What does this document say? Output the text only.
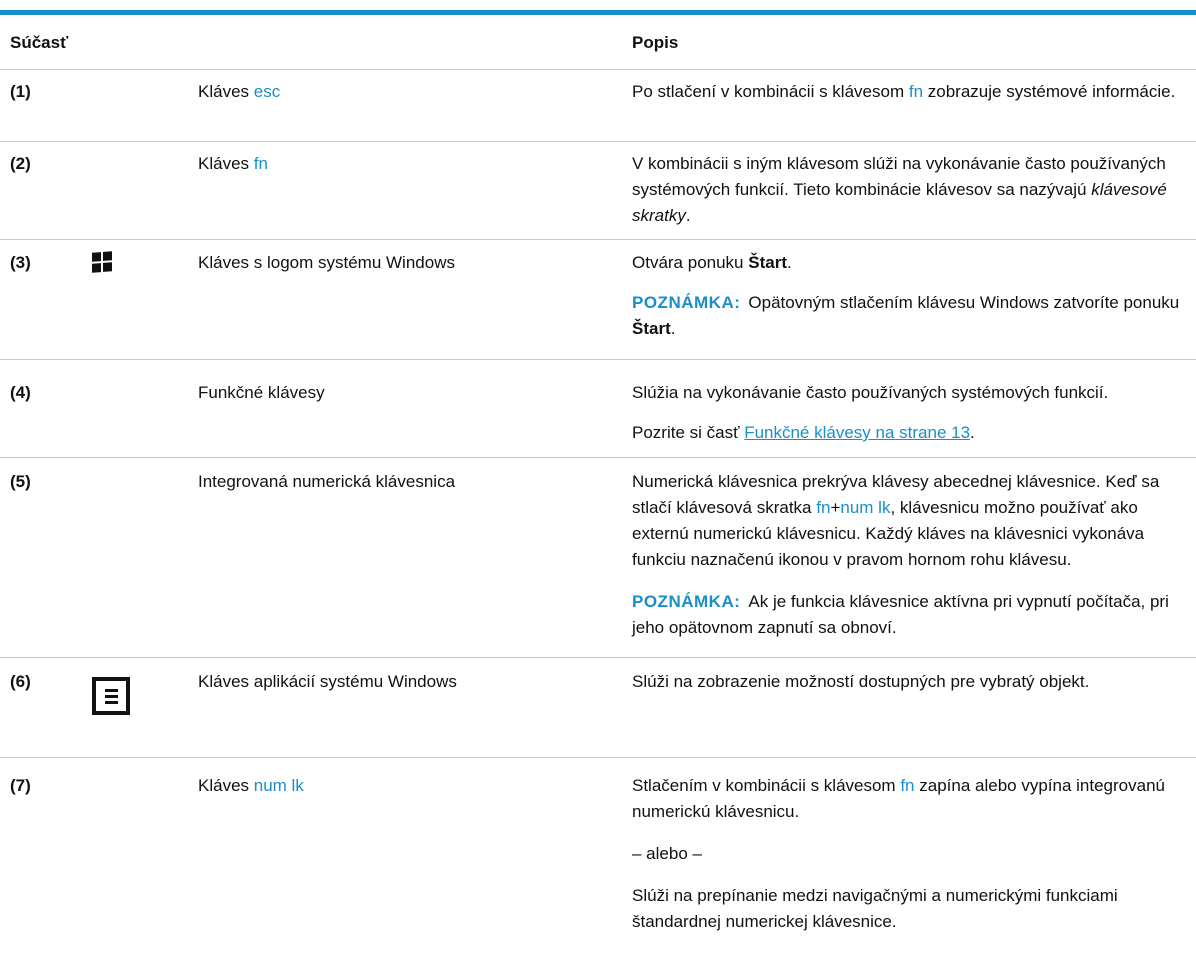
Súčasť	Popis
(1)	Kláves esc	Po stlačení v kombinácii s klávesom fn zobrazuje systémové informácie.
(2)	Kláves fn	V kombinácii s iným klávesom slúži na vykonávanie často používaných systémových funkcií. Tieto kombinácie klávesov sa nazývajú klávesové skratky.
(3)	Kláves s logom systému Windows	Otvára ponuku Štart.
POZNÁMKA: Opätovným stlačením klávesu Windows zatvoríte ponuku Štart.
(4)	Funkčné klávesy	Slúžia na vykonávanie často používaných systémových funkcií.
Pozrite si časť Funkčné klávesy na strane 13.
(5)	Integrovaná numerická klávesnica	Numerická klávesnica prekrýva klávesy abecednej klávesnice. Keď sa stlačí klávesová skratka fn+num lk, klávesnicu možno používať ako externú numerickú klávesnicu. Každý kláves na klávesnici vykonáva funkciu naznačenú ikonou v pravom hornom rohu klávesu.
POZNÁMKA: Ak je funkcia klávesnice aktívna pri vypnutí počítača, pri jeho opätovnom zapnutí sa obnoví.
(6)	Kláves aplikácií systému Windows	Slúži na zobrazenie možností dostupných pre vybratý objekt.
(7)	Kláves num lk	Stlačením v kombinácii s klávesom fn zapína alebo vypína integrovanú numerickú klávesnicu.
– alebo –
Slúži na prepínanie medzi navigačnými a numerickými funkciami štandardnej numerickej klávesnice.
